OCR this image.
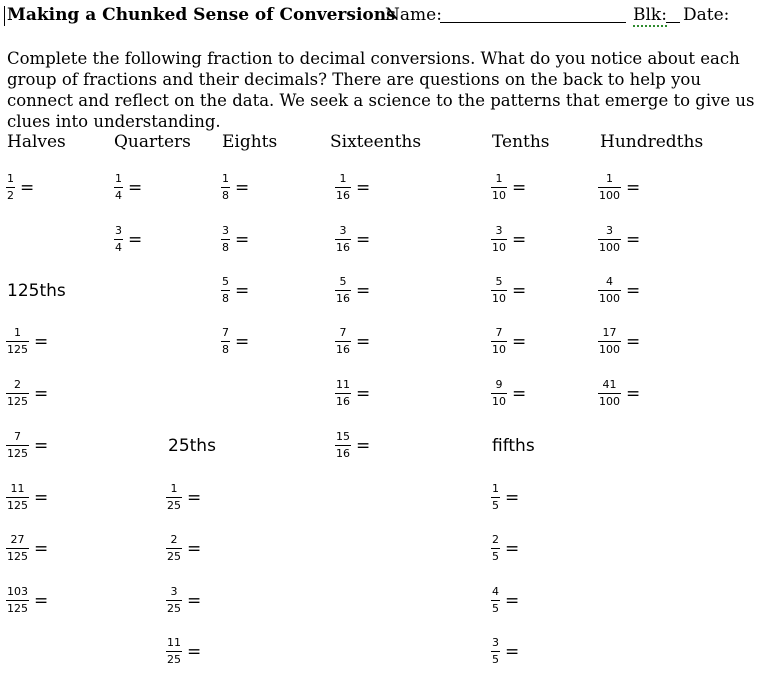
Making a Chunked Sense of Conversions
Name:	Blk: Date:
Complete the following fraction to decimal conversions. What do you notice about each group of fractions and their decimals? There are questions on the back to help you connect and reflect on the data. We seek a science to the patterns that emerge to give us clues into understanding.
Halves
$\frac{1}{2}$ =
Quarters
$\frac{1}{4}$ =
$\frac{3}{4}$ =
Eights
$\frac{1}{8}$ =
$\frac{3}{8}$ =
$\frac{5}{8}$ =
$\frac{7}{8}$ =
Sixteenths
$\frac{1}{16}$ =
$\frac{3}{16}$ =
$\frac{5}{16}$ =
$\frac{7}{16}$ =
$\frac{11}{16}$ =
$\frac{15}{16}$ =
Tenths
$\frac{1}{10}$ =
$\frac{3}{10}$ =
$\frac{5}{10}$ =
$\frac{7}{10}$ =
$\frac{9}{10}$ =
Hundredths
$\frac{1}{100}$ =
$\frac{3}{100}$ =
$\frac{4}{100}$ =
$\frac{17}{100}$ =
$\frac{41}{100}$ =
125ths
$\frac{1}{125}$ =
$\frac{2}{125}$ =
$\frac{7}{125}$ =
$\frac{11}{125}$ =
$\frac{27}{125}$ =
$\frac{103}{125}$ =
25ths
$\frac{1}{25}$ =
$\frac{2}{25}$ =
$\frac{3}{25}$ =
$\frac{11}{25}$ =
fifths
$\frac{1}{5}$ =
$\frac{2}{5}$ =
$\frac{4}{5}$ =
$\frac{3}{5}$ =
